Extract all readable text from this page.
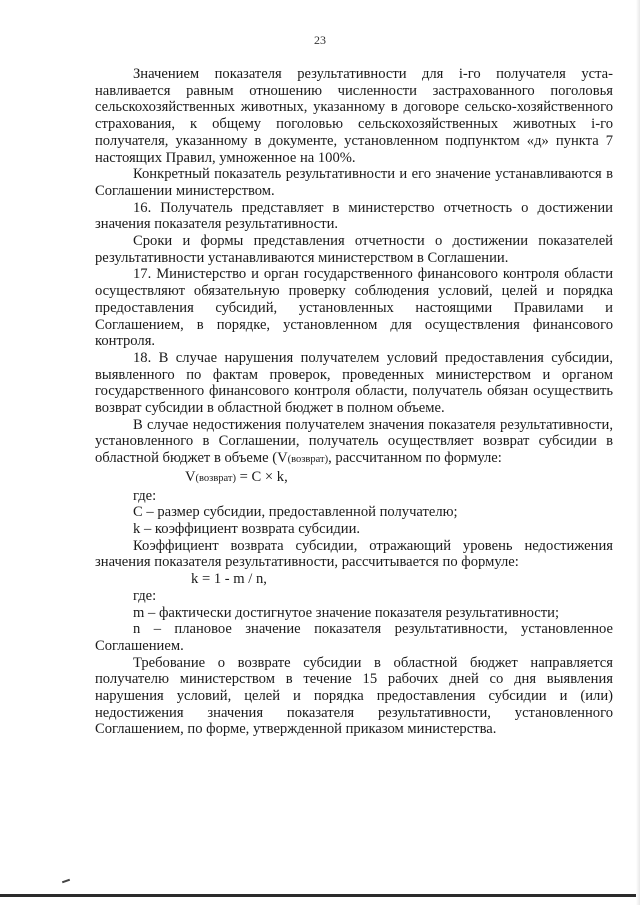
23

Значением показателя результативности для i-го получателя уста-навливается равным отношению численности застрахованного поголовья сельскохозяйственных животных, указанному в договоре сельско-хозяйственного страхования, к общему поголовью сельскохозяйственных животных i-го получателя, указанному в документе, установленном подпунктом «д» пункта 7 настоящих Правил, умноженное на 100%.

Конкретный показатель результативности и его значение устанавливаются в Соглашении министерством.

16. Получатель представляет в министерство отчетность о достижении значения показателя результативности.

Сроки и формы представления отчетности о достижении показателей результативности устанавливаются министерством в Соглашении.

17. Министерство и орган государственного финансового контроля области осуществляют обязательную проверку соблюдения условий, целей и порядка предоставления субсидий, установленных настоящими Правилами и Соглашением, в порядке, установленном для осуществления финансового контроля.

18. В случае нарушения получателем условий предоставления субсидии, выявленного по фактам проверок, проведенных министерством и органом государственного финансового контроля области, получатель обязан осуществить возврат субсидии в областной бюджет в полном объеме.

В случае недостижения получателем значения показателя результативности, установленного в Соглашении, получатель осуществляет возврат субсидии в областной бюджет в объеме (V(возврат), рассчитанном по формуле:

V(возврат) = C × k,

где:

C – размер субсидии, предоставленной получателю;

k – коэффициент возврата субсидии.

Коэффициент возврата субсидии, отражающий уровень недостижения значения показателя результативности, рассчитывается по формуле:

k = 1 - m / n,

где:

m – фактически достигнутое значение показателя результативности;

n – плановое значение показателя результативности, установленное Соглашением.

Требование о возврате субсидии в областной бюджет направляется получателю министерством в течение 15 рабочих дней со дня выявления нарушения условий, целей и порядка предоставления субсидии и (или) недостижения значения показателя результативности, установленного Соглашением, по форме, утвержденной приказом министерства.
